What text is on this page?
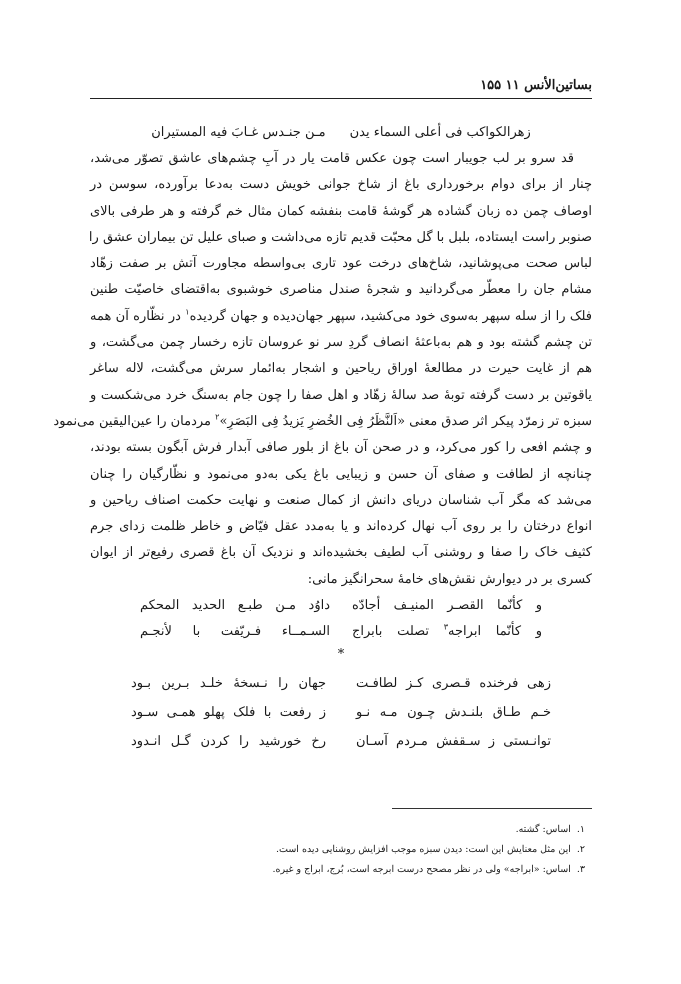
بساتین‌الأنس ۱۱ ۱۵۵
زهرالکواکب فی أعلی السماء یدن
مـن جنـدس غـابَ فیه المستیران
قد سرو بر لب جویبار است چون عکس قامت یار در آبِ چشم‌های عاشق تصوّر می‌شد،
چنار از برای دوام برخورداری باغ از شاخ جوانی خویش دست به‌دعا برآورده، سوسن در
اوصاف چمن ده زبان گشاده هر گوشهٔ قامت بنفشه کمان مثال خم گرفته و هر طرفی بالای
صنوبر راست ایستاده، بلبل با گل محبّت قدیم تازه می‌داشت و صبای علیل تن بیماران عشق را
لباس صحت می‌پوشانید، شاخ‌های درخت عود تاری بی‌واسطه مجاورت آتش بر صفت زهّاد
مشام جان را معطّر می‌گردانید و شجرهٔ صندل مناصری خوشبوی به‌اقتضای خاصیّت طنین
فلک را از سله سپهر به‌سوی خود می‌کشید، سپهر جهان‌دیده و جهان گردیده$^۱$ در نظّاره آن همه
تن چشم گشته بود و هم به‌باعثهٔ انصاف گردِ سر نو عروسان تازه رخسار چمن می‌گشت، و
هم از غایت حیرت در مطالعهٔ اوراق ریاحین و اشجار به‌ائمار سرش می‌گشت، لاله ساغر
یاقوتین بر دست گرفته توبهٔ صد سالهٔ زهّاد و اهل صفا را چون جام به‌سنگ خرد می‌شکست و
سبزه تر زمرّد پیکر اثر صدق معنی «اَلنَّظَرُ فِی الخُضرِ یَزیدُ فِی البَصَرِ»$^۲$ مردمان را عین‌الیقین می‌نمود
و چشم افعی را کور می‌کرد، و در صحن آن باغ از بلور صافی آبدار فرش آبگون بسته بودند،
چنانچه از لطافت و صفای آن حسن و زیبایی باغ یکی به‌دو می‌نمود و نظّارگیان را چنان
می‌شد که مگر آب شناسان دریای دانش از کمال صنعت و نهایت حکمت اصناف ریاحین و
انواع درختان را بر روی آب نهال کرده‌اند و یا به‌مدد عقل فیّاض و خاطر ظلمت زدای جرم
کثیف خاک را صفا و روشنی آب لطیف بخشیده‌اند و نزدیک آن باغ قصری رفیع‌تر از ایوان
کسری بر در دیوارش نقش‌های خامهٔ سحرانگیز مانی:
و کأنّما القصـر المنیـف أجادّه
داوُد مـن طبـع الحدید المحکم
و کأنّما ابراجه$^۳$ تصلت بابراج
السـمــاء فـریّفت با لأنجـم
*
زهی فرخنده قـصری کـز لطافـت
جهان را نـسخهٔ خلـد بـرین بـود
خـم طـاق بلنـدش چـون مـه نـو
ز رفعت با فلک پهلو همـی سـود
توانـستی ز سـقفش مـردم آسـان
رخ خورشید را کردن گـل انـدود
۱.اساس: گشته.
۲.این مثل معنایش این است: دیدن سبزه موجب افزایش روشنایی دیده است.
۳.اساس: «ابراجه» ولی در نظر مصحح درست ابرجه است، بُرج، ابراج و غیره.
